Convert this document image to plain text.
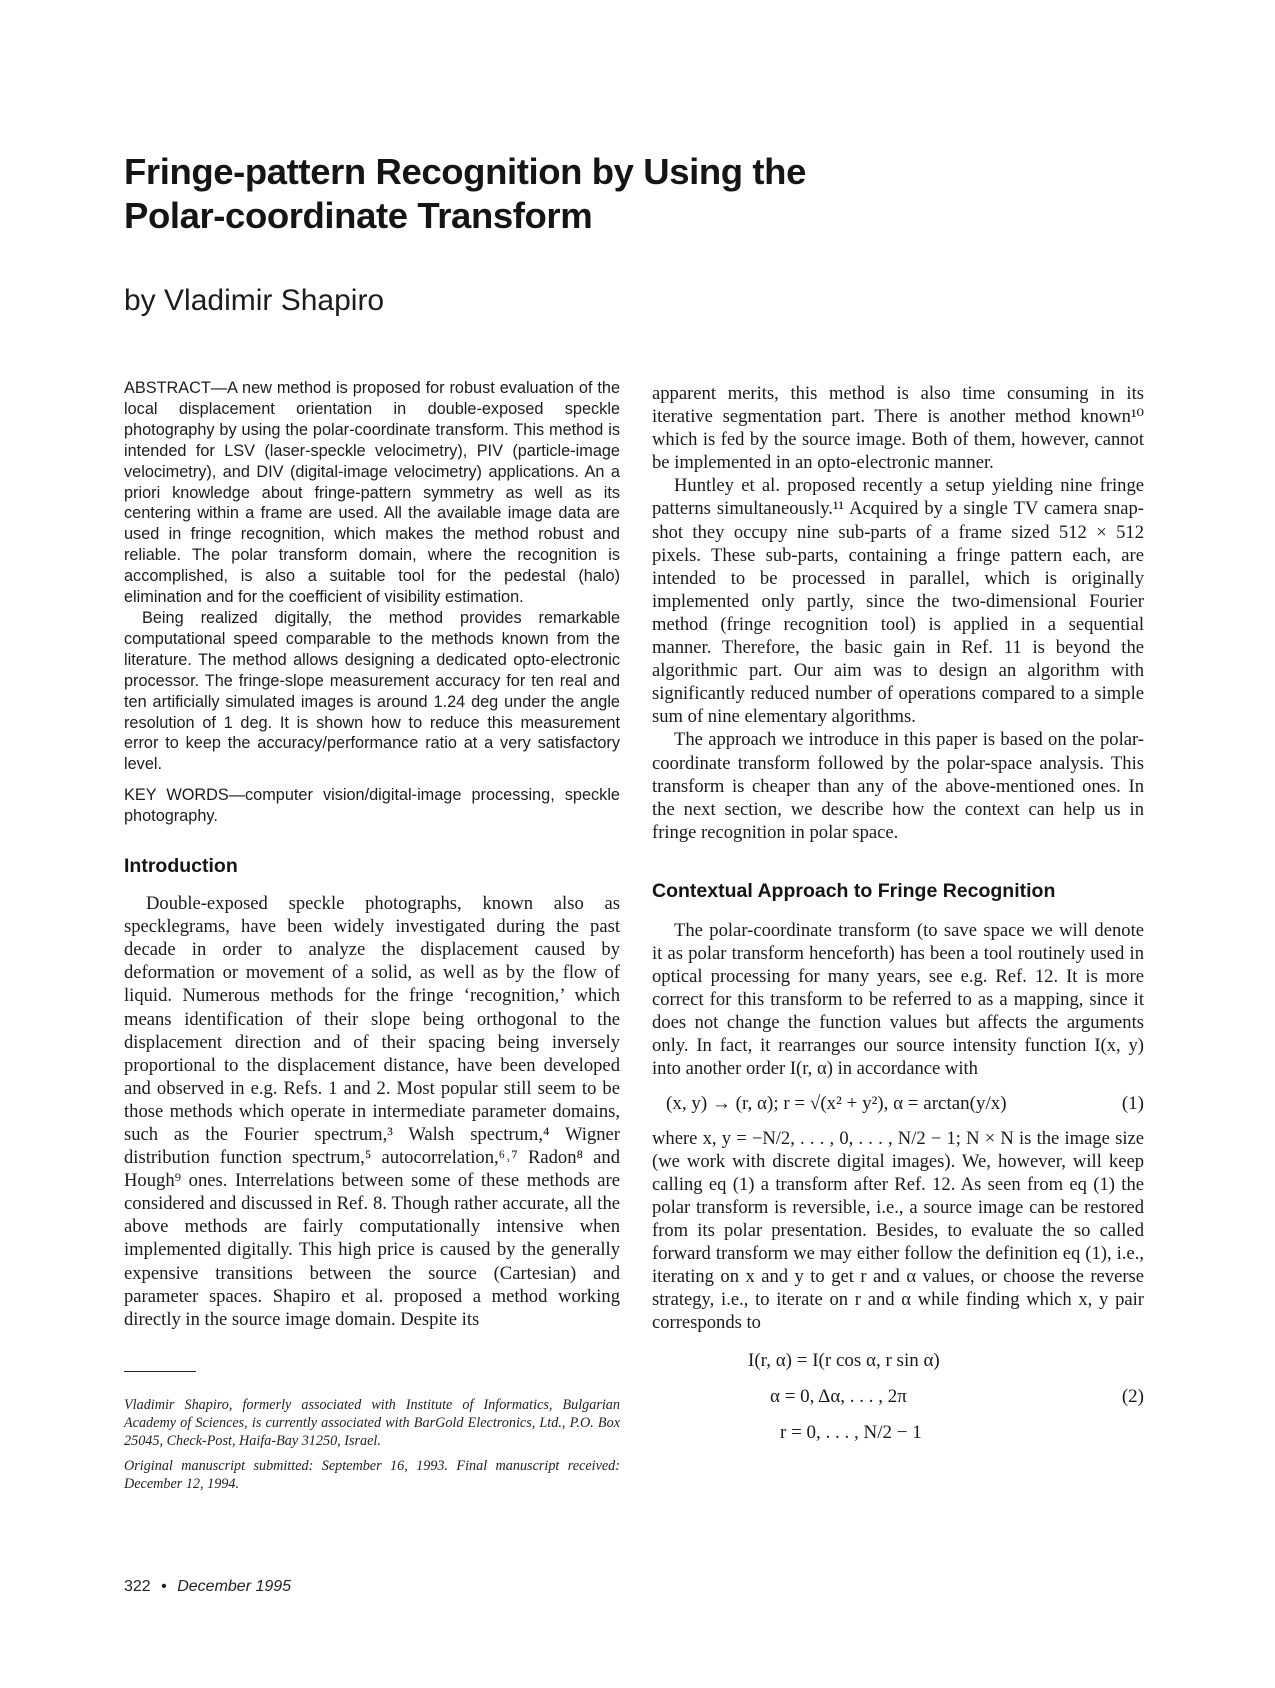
Fringe-pattern Recognition by Using the
Polar-coordinate Transform
by Vladimir Shapiro

ABSTRACT—A new method is proposed for robust evaluation of the local displacement orientation in double-exposed speckle photography by using the polar-coordinate transform. This method is intended for LSV (laser-speckle velocimetry), PIV (particle-image velocimetry), and DIV (digital-image velocimetry) applications. An a priori knowledge about fringe-pattern symmetry as well as its centering within a frame are used. All the available image data are used in fringe recognition, which makes the method robust and reliable. The polar transform domain, where the recognition is accomplished, is also a suitable tool for the pedestal (halo) elimination and for the coefficient of visibility estimation.

Being realized digitally, the method provides remarkable computational speed comparable to the methods known from the literature. The method allows designing a dedicated opto-electronic processor. The fringe-slope measurement accuracy for ten real and ten artificially simulated images is around 1.24 deg under the angle resolution of 1 deg. It is shown how to reduce this measurement error to keep the accuracy/performance ratio at a very satisfactory level.

KEY WORDS—computer vision/digital-image processing, speckle photography.

Introduction

Double-exposed speckle photographs, known also as specklegrams, have been widely investigated during the past decade in order to analyze the displacement caused by deformation or movement of a solid, as well as by the flow of liquid. Numerous methods for the fringe ‘recognition,’ which means identification of their slope being orthogonal to the displacement direction and of their spacing being inversely proportional to the displacement distance, have been developed and observed in e.g. Refs. 1 and 2. Most popular still seem to be those methods which operate in intermediate parameter domains, such as the Fourier spectrum,³ Walsh spectrum,⁴ Wigner distribution function spectrum,⁵ autocorrelation,⁶˒⁷ Radon⁸ and Hough⁹ ones. Interrelations between some of these methods are considered and discussed in Ref. 8. Though rather accurate, all the above methods are fairly computationally intensive when implemented digitally. This high price is caused by the generally expensive transitions between the source (Cartesian) and parameter spaces. Shapiro et al. proposed a method working directly in the source image domain. Despite its

Vladimir Shapiro, formerly associated with Institute of Informatics, Bulgarian Academy of Sciences, is currently associated with BarGold Electronics, Ltd., P.O. Box 25045, Check-Post, Haifa-Bay 31250, Israel.

Original manuscript submitted: September 16, 1993. Final manuscript received: December 12, 1994.

322 • December 1995

apparent merits, this method is also time consuming in its iterative segmentation part. There is another method known¹⁰ which is fed by the source image. Both of them, however, cannot be implemented in an opto-electronic manner.

Huntley et al. proposed recently a setup yielding nine fringe patterns simultaneously.¹¹ Acquired by a single TV camera snap-shot they occupy nine sub-parts of a frame sized 512 × 512 pixels. These sub-parts, containing a fringe pattern each, are intended to be processed in parallel, which is originally implemented only partly, since the two-dimensional Fourier method (fringe recognition tool) is applied in a sequential manner. Therefore, the basic gain in Ref. 11 is beyond the algorithmic part. Our aim was to design an algorithm with significantly reduced number of operations compared to a simple sum of nine elementary algorithms.

The approach we introduce in this paper is based on the polar-coordinate transform followed by the polar-space analysis. This transform is cheaper than any of the above-mentioned ones. In the next section, we describe how the context can help us in fringe recognition in polar space.

Contextual Approach to Fringe Recognition

The polar-coordinate transform (to save space we will denote it as polar transform henceforth) has been a tool routinely used in optical processing for many years, see e.g. Ref. 12. It is more correct for this transform to be referred to as a mapping, since it does not change the function values but affects the arguments only. In fact, it rearranges our source intensity function I(x, y) into another order I(r, α) in accordance with

(x, y) → (r, α); r = √(x² + y²), α = arctan(y/x)	(1)

where x, y = −N/2, . . . , 0, . . . , N/2 − 1; N × N is the image size (we work with discrete digital images). We, however, will keep calling eq (1) a transform after Ref. 12. As seen from eq (1) the polar transform is reversible, i.e., a source image can be restored from its polar presentation. Besides, to evaluate the so called forward transform we may either follow the definition eq (1), i.e., iterating on x and y to get r and α values, or choose the reverse strategy, i.e., to iterate on r and α while finding which x, y pair corresponds to

I(r, α) = I(r cos α, r sin α)
α = 0, Δα, . . . , 2π
r = 0, . . . , N/2 − 1
(2)
